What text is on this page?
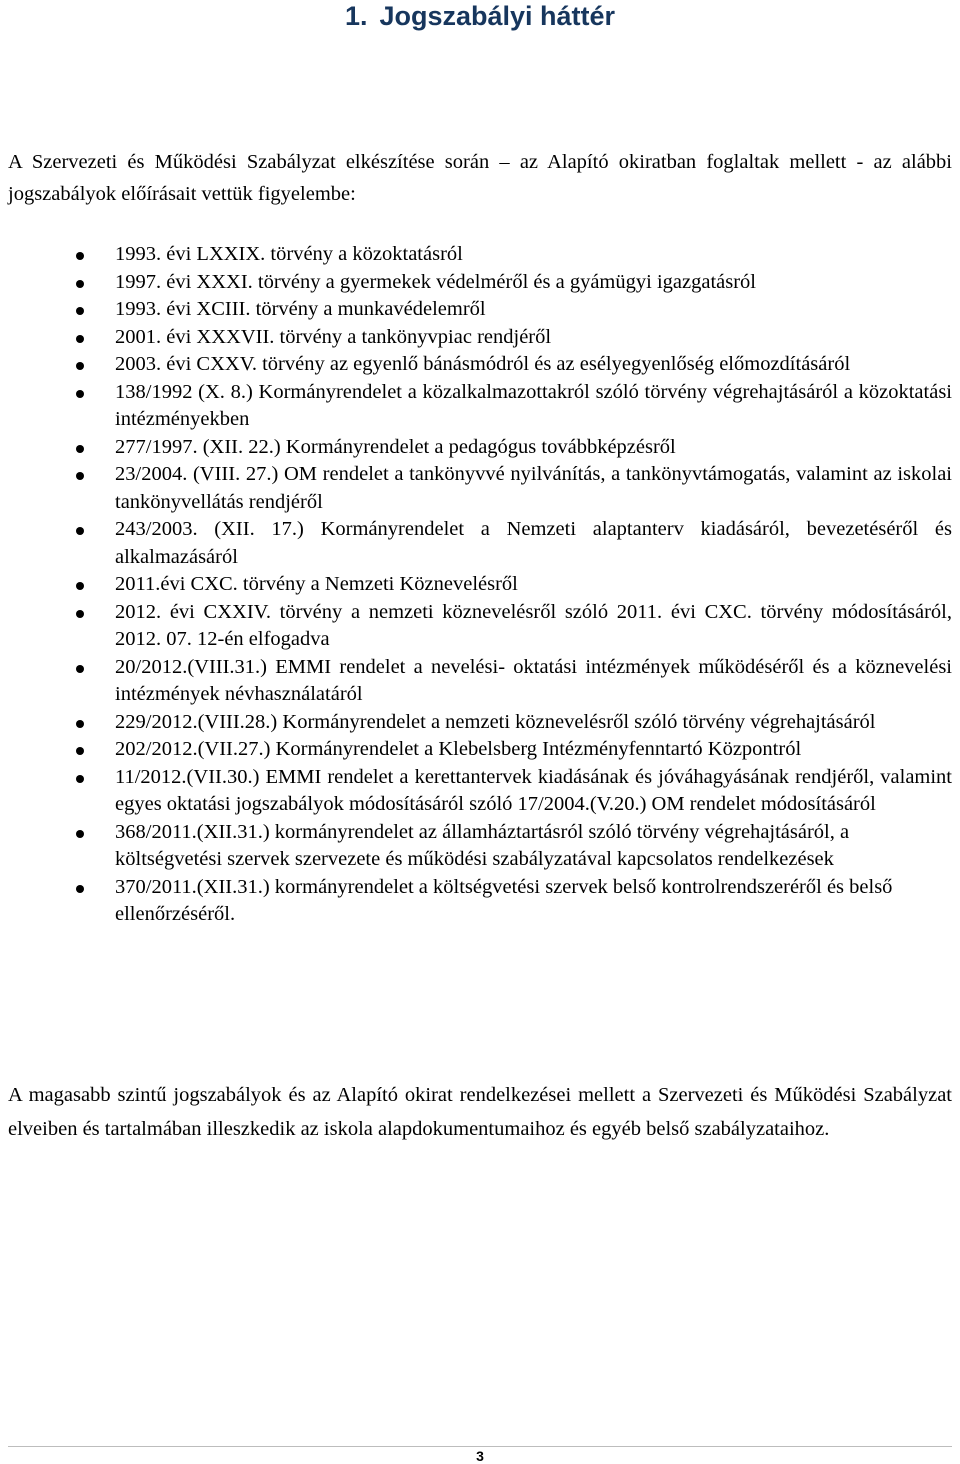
1. Jogszabályi háttér

A Szervezeti és Működési Szabályzat elkészítése során – az Alapító okiratban foglaltak mellett - az alábbi jogszabályok előírásait vettük figyelembe:

1993. évi LXXIX. törvény a közoktatásról
1997. évi XXXI. törvény a gyermekek védelméről és a gyámügyi igazgatásról
1993. évi XCIII. törvény a munkavédelemről
2001. évi XXXVII. törvény a tankönyvpiac rendjéről
2003. évi CXXV. törvény az egyenlő bánásmódról és az esélyegyenlőség előmozdításáról
138/1992 (X. 8.) Kormányrendelet a közalkalmazottakról szóló törvény végrehajtásáról a közoktatási intézményekben
277/1997. (XII. 22.) Kormányrendelet a pedagógus továbbképzésről
23/2004. (VIII. 27.) OM rendelet a tankönyvvé nyilvánítás, a tankönyvtámogatás, valamint az iskolai tankönyvellátás rendjéről
243/2003. (XII. 17.) Kormányrendelet a Nemzeti alaptanterv kiadásáról, bevezetéséről és alkalmazásáról
2011.évi CXC. törvény a Nemzeti Köznevelésről
2012. évi CXXIV. törvény a nemzeti köznevelésről szóló 2011. évi CXC. törvény módosításáról, 2012. 07. 12-én elfogadva
20/2012.(VIII.31.) EMMI rendelet a nevelési- oktatási intézmények működéséről és a köznevelési intézmények névhasználatáról
229/2012.(VIII.28.) Kormányrendelet a nemzeti köznevelésről szóló törvény végrehajtásáról
202/2012.(VII.27.) Kormányrendelet a Klebelsberg Intézményfenntartó Központról
11/2012.(VII.30.) EMMI rendelet a kerettantervek kiadásának és jóváhagyásának rendjéről, valamint egyes oktatási jogszabályok módosításáról szóló 17/2004.(V.20.) OM rendelet módosításáról
368/2011.(XII.31.) kormányrendelet az államháztartásról szóló törvény végrehajtásáról, a költségvetési szervek szervezete és működési szabályzatával kapcsolatos rendelkezések
370/2011.(XII.31.) kormányrendelet a költségvetési szervek belső kontrolrendszeréről és belső ellenőrzéséről.

A magasabb szintű jogszabályok és az Alapító okirat rendelkezései mellett a Szervezeti és Működési Szabályzat elveiben és tartalmában illeszkedik az iskola alapdokumentumaihoz és egyéb belső szabályzataihoz.

3
